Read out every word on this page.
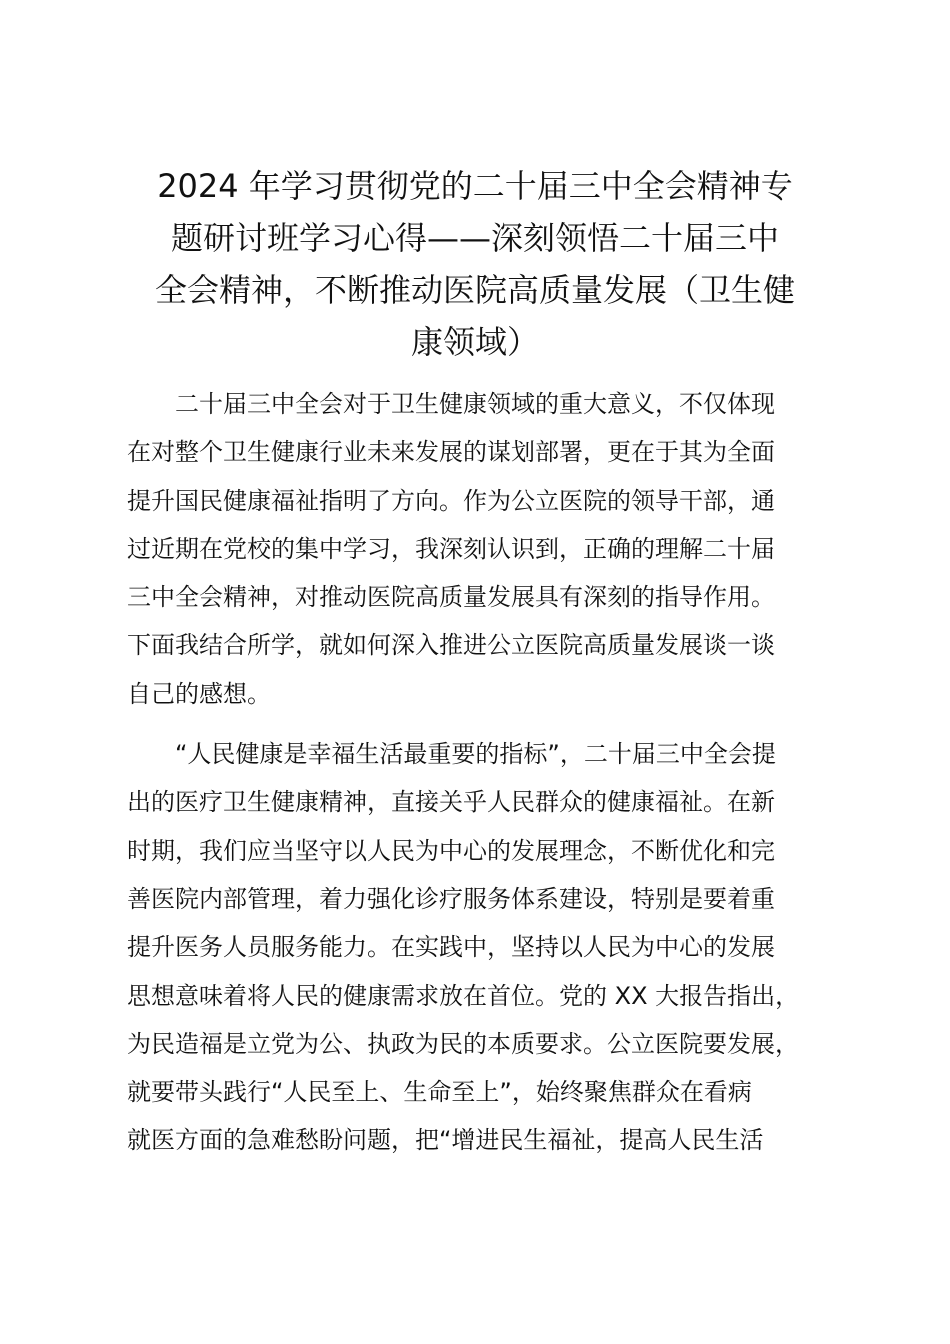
2024 年学习贯彻党的二十届三中全会精神专
题研讨班学习心得——深刻领悟二十届三中
全会精神，不断推动医院高质量发展（卫生健
康领域）
　　二十届三中全会对于卫生健康领域的重大意义，不仅体现
在对整个卫生健康行业未来发展的谋划部署，更在于其为全面
提升国民健康福祉指明了方向。作为公立医院的领导干部，通
过近期在党校的集中学习，我深刻认识到，正确的理解二十届
三中全会精神，对推动医院高质量发展具有深刻的指导作用。
下面我结合所学，就如何深入推进公立医院高质量发展谈一谈
自己的感想。
　　“人民健康是幸福生活最重要的指标”，二十届三中全会提
出的医疗卫生健康精神，直接关乎人民群众的健康福祉。在新
时期，我们应当坚守以人民为中心的发展理念，不断优化和完
善医院内部管理，着力强化诊疗服务体系建设，特别是要着重
提升医务人员服务能力。在实践中，坚持以人民为中心的发展
思想意味着将人民的健康需求放在首位。党的 XX 大报告指出，
为民造福是立党为公、执政为民的本质要求。公立医院要发展，
就要带头践行“人民至上、生命至上”，始终聚焦群众在看病
就医方面的急难愁盼问题，把“增进民生福祉，提高人民生活
